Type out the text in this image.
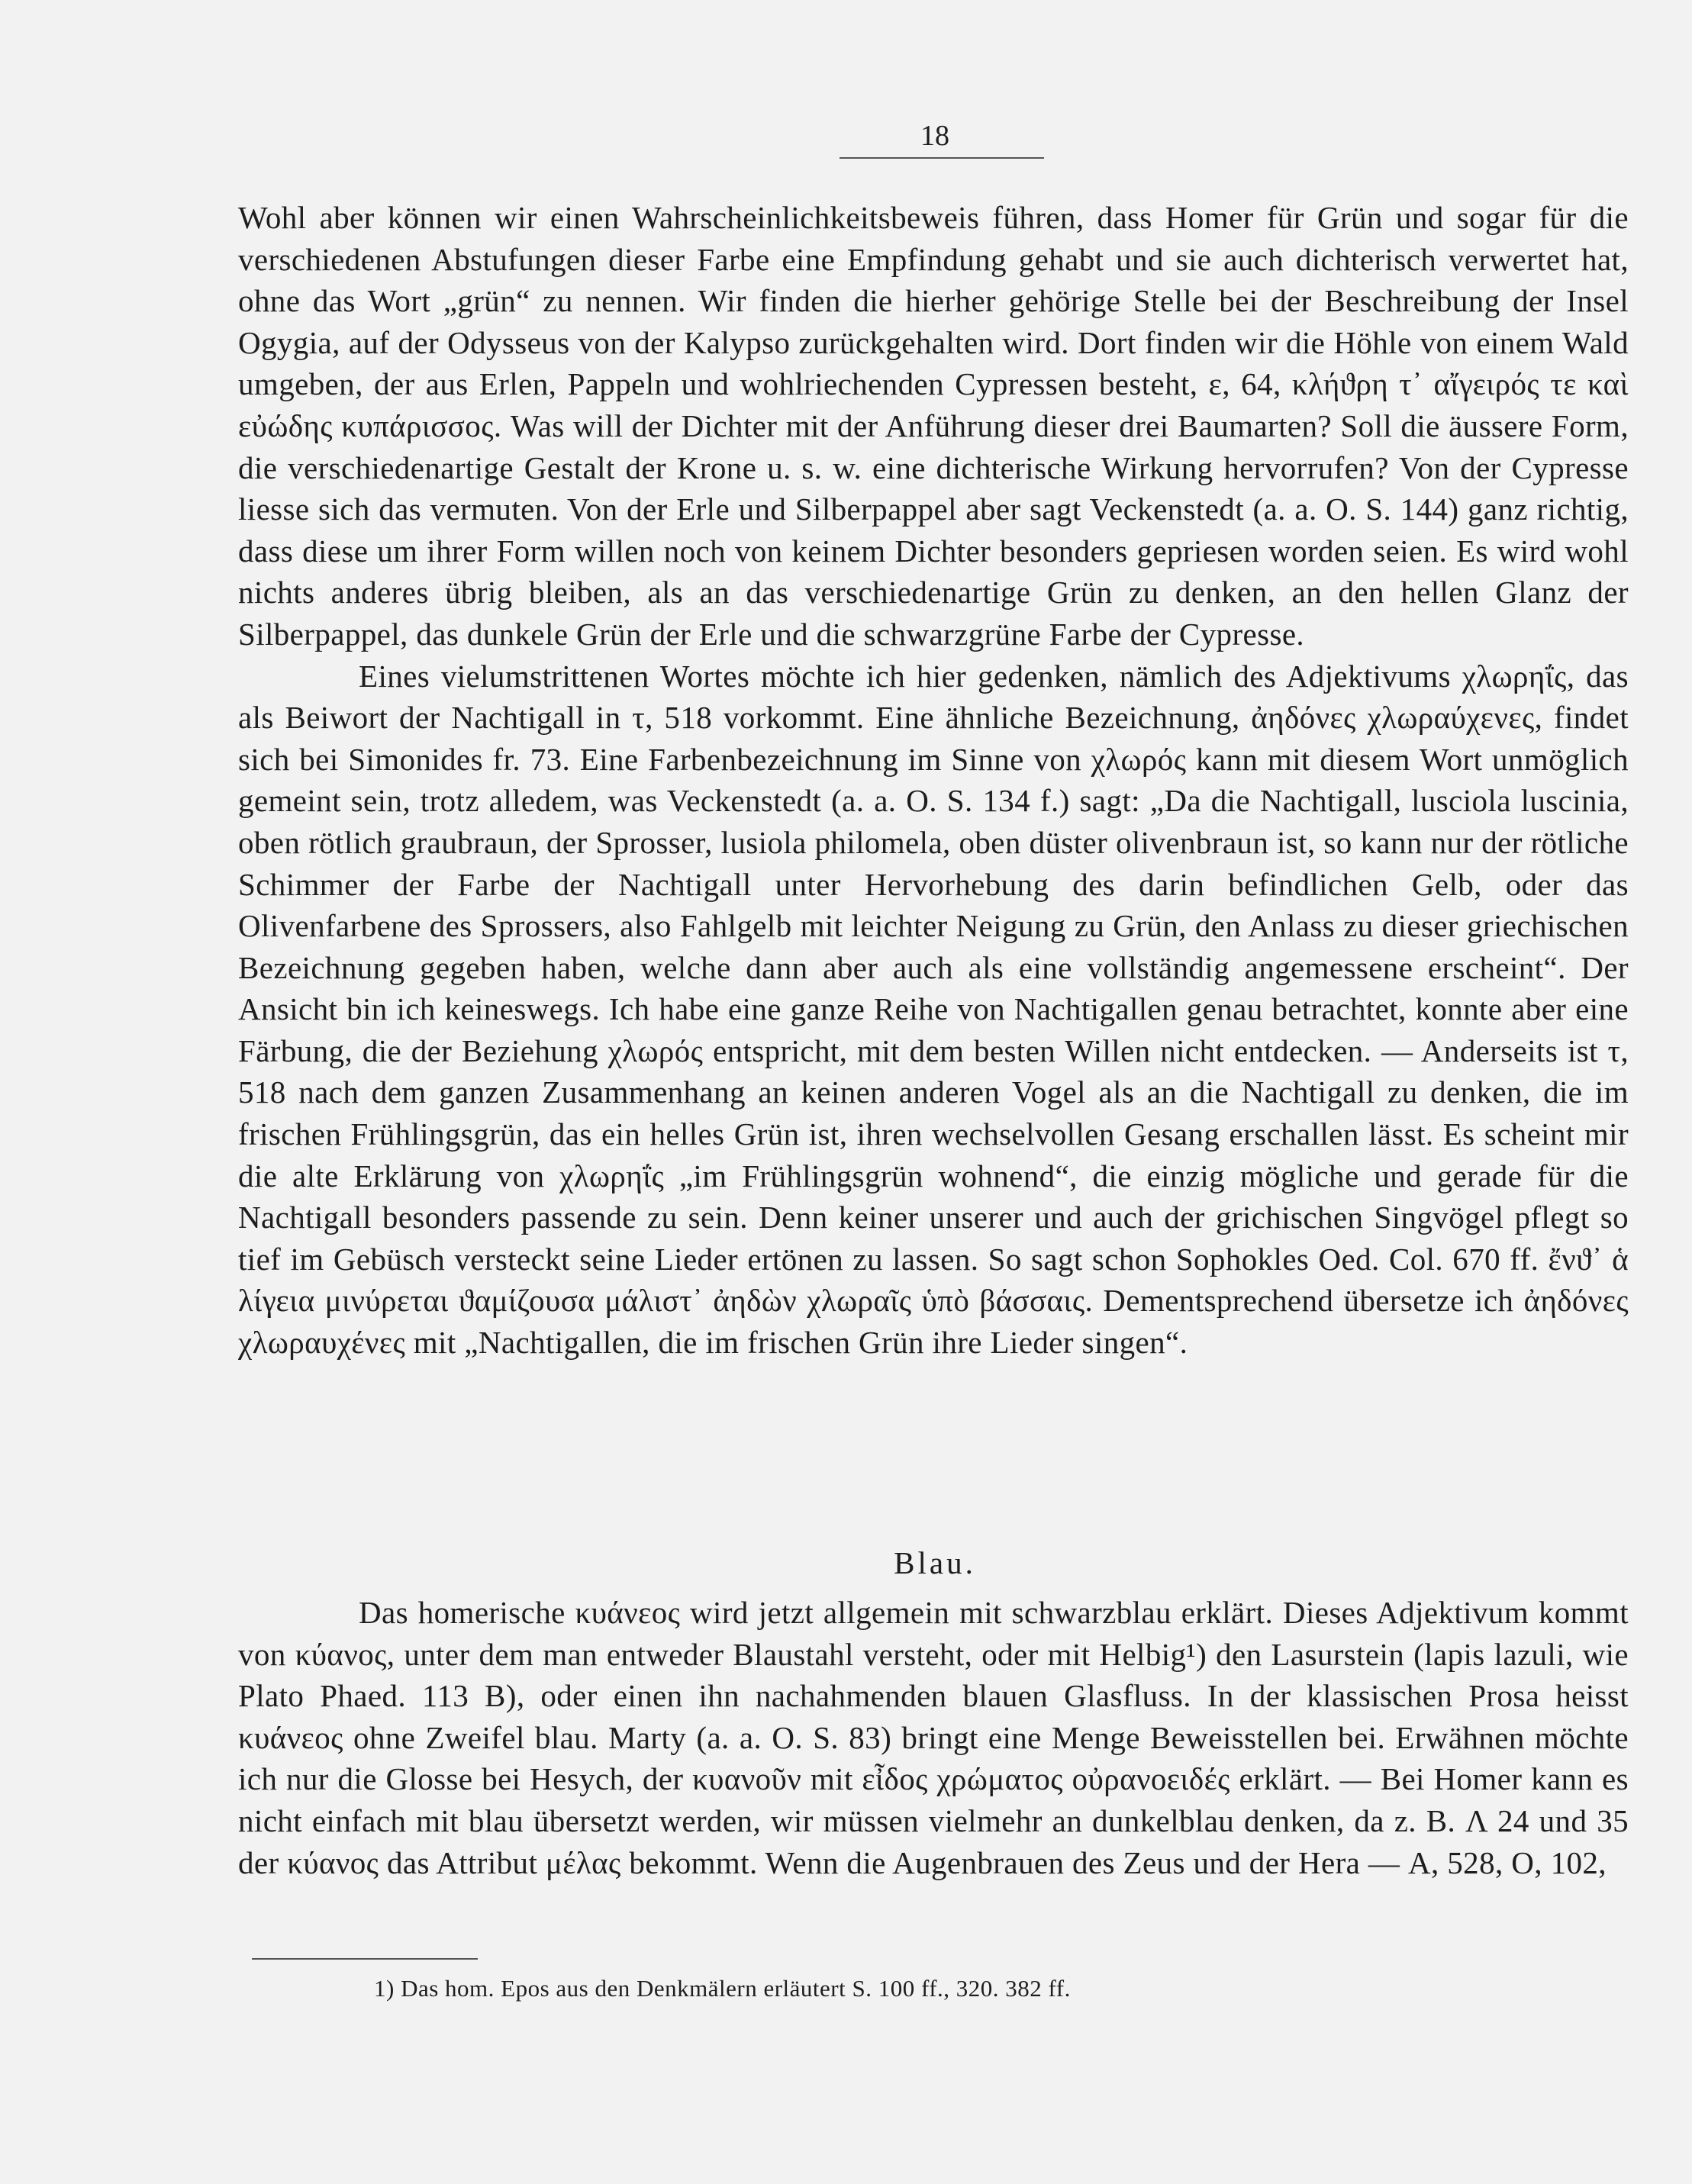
18

Wohl aber können wir einen Wahrscheinlichkeitsbeweis führen, dass Homer für Grün und sogar für die verschiedenen Abstufungen dieser Farbe eine Empfindung gehabt und sie auch dichterisch verwertet hat, ohne das Wort „grün“ zu nennen. Wir finden die hierher gehörige Stelle bei der Beschreibung der Insel Ogygia, auf der Odysseus von der Kalypso zurückgehalten wird. Dort finden wir die Höhle von einem Wald umgeben, der aus Erlen, Pappeln und wohlriechenden Cypressen besteht, ε, 64, κλήϑρη τ᾽ αἴγειρός τε καὶ εὐώδης κυπάρισσος. Was will der Dichter mit der Anführung dieser drei Baumarten? Soll die äussere Form, die verschiedenartige Gestalt der Krone u. s. w. eine dichterische Wirkung hervorrufen? Von der Cypresse liesse sich das vermuten. Von der Erle und Silberpappel aber sagt Veckenstedt (a. a. O. S. 144) ganz richtig, dass diese um ihrer Form willen noch von keinem Dichter besonders gepriesen worden seien. Es wird wohl nichts anderes übrig bleiben, als an das verschiedenartige Grün zu denken, an den hellen Glanz der Silberpappel, das dunkele Grün der Erle und die schwarzgrüne Farbe der Cypresse.

Eines vielumstrittenen Wortes möchte ich hier gedenken, nämlich des Adjektivums χλωρηΐς, das als Beiwort der Nachtigall in τ, 518 vorkommt. Eine ähnliche Bezeichnung, ἀηδόνες χλωραύχενες, findet sich bei Simonides fr. 73. Eine Farbenbezeichnung im Sinne von χλωρός kann mit diesem Wort unmöglich gemeint sein, trotz alledem, was Veckenstedt (a. a. O. S. 134 f.) sagt: „Da die Nachtigall, lusciola luscinia, oben rötlich graubraun, der Sprosser, lusiola philomela, oben düster olivenbraun ist, so kann nur der rötliche Schimmer der Farbe der Nachtigall unter Hervorhebung des darin befindlichen Gelb, oder das Olivenfarbene des Sprossers, also Fahlgelb mit leichter Neigung zu Grün, den Anlass zu dieser griechischen Bezeichnung gegeben haben, welche dann aber auch als eine vollständig angemessene erscheint“. Der Ansicht bin ich keineswegs. Ich habe eine ganze Reihe von Nachtigallen genau betrachtet, konnte aber eine Färbung, die der Beziehung χλωρός entspricht, mit dem besten Willen nicht entdecken. — Anderseits ist τ, 518 nach dem ganzen Zusammenhang an keinen anderen Vogel als an die Nachtigall zu denken, die im frischen Frühlingsgrün, das ein helles Grün ist, ihren wechselvollen Gesang erschallen lässt. Es scheint mir die alte Erklärung von χλωρηΐς „im Frühlingsgrün wohnend“, die einzig mögliche und gerade für die Nachtigall besonders passende zu sein. Denn keiner unserer und auch der grichischen Singvögel pflegt so tief im Gebüsch versteckt seine Lieder ertönen zu lassen. So sagt schon Sophokles Oed. Col. 670 ff. ἔνϑ᾽ ἁ λίγεια μινύρεται ϑαμίζουσα μάλιστ᾽ ἀηδὼν χλωραῖς ὑπὸ βάσσαις. Dementsprechend übersetze ich ἀηδόνες χλωραυχένες mit „Nachtigallen, die im frischen Grün ihre Lieder singen“.

Blau.

Das homerische κυάνεος wird jetzt allgemein mit schwarzblau erklärt. Dieses Adjektivum kommt von κύανος, unter dem man entweder Blaustahl versteht, oder mit Helbig¹) den Lasurstein (lapis lazuli, wie Plato Phaed. 113 B), oder einen ihn nachahmenden blauen Glasfluss. In der klassischen Prosa heisst κυάνεος ohne Zweifel blau. Marty (a. a. O. S. 83) bringt eine Menge Beweisstellen bei. Erwähnen möchte ich nur die Glosse bei Hesych, der κυανοῦν mit εἶδος χρώματος οὐρανοειδές erklärt. — Bei Homer kann es nicht einfach mit blau übersetzt werden, wir müssen vielmehr an dunkelblau denken, da z. B. Λ 24 und 35 der κύανος das Attribut μέλας bekommt. Wenn die Augenbrauen des Zeus und der Hera — Α, 528, Ο, 102,

1) Das hom. Epos aus den Denkmälern erläutert S. 100 ff., 320. 382 ff.
